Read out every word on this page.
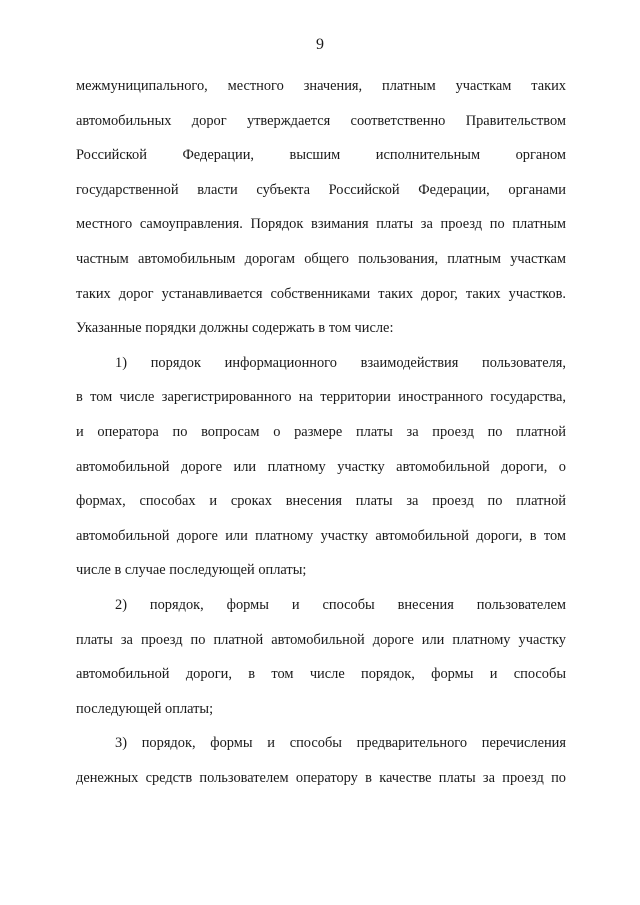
9
межмуниципального, местного значения, платным участкам таких
автомобильных дорог утверждается соответственно Правительством
Российской Федерации, высшим исполнительным органом
государственной власти субъекта Российской Федерации, органами
местного самоуправления. Порядок взимания платы за проезд по платным
частным автомобильным дорогам общего пользования, платным участкам
таких дорог устанавливается собственниками таких дорог, таких участков.
Указанные порядки должны содержать в том числе:
1) порядок информационного взаимодействия пользователя,
в том числе зарегистрированного на территории иностранного государства,
и оператора по вопросам о размере платы за проезд по платной
автомобильной дороге или платному участку автомобильной дороги, о
формах, способах и сроках внесения платы за проезд по платной
автомобильной дороге или платному участку автомобильной дороги, в том
числе в случае последующей оплаты;
2) порядок, формы и способы внесения пользователем
платы за проезд по платной автомобильной дороге или платному участку
автомобильной дороги, в том числе порядок, формы и способы
последующей оплаты;
3) порядок, формы и способы предварительного перечисления
денежных средств пользователем оператору в качестве платы за проезд по
